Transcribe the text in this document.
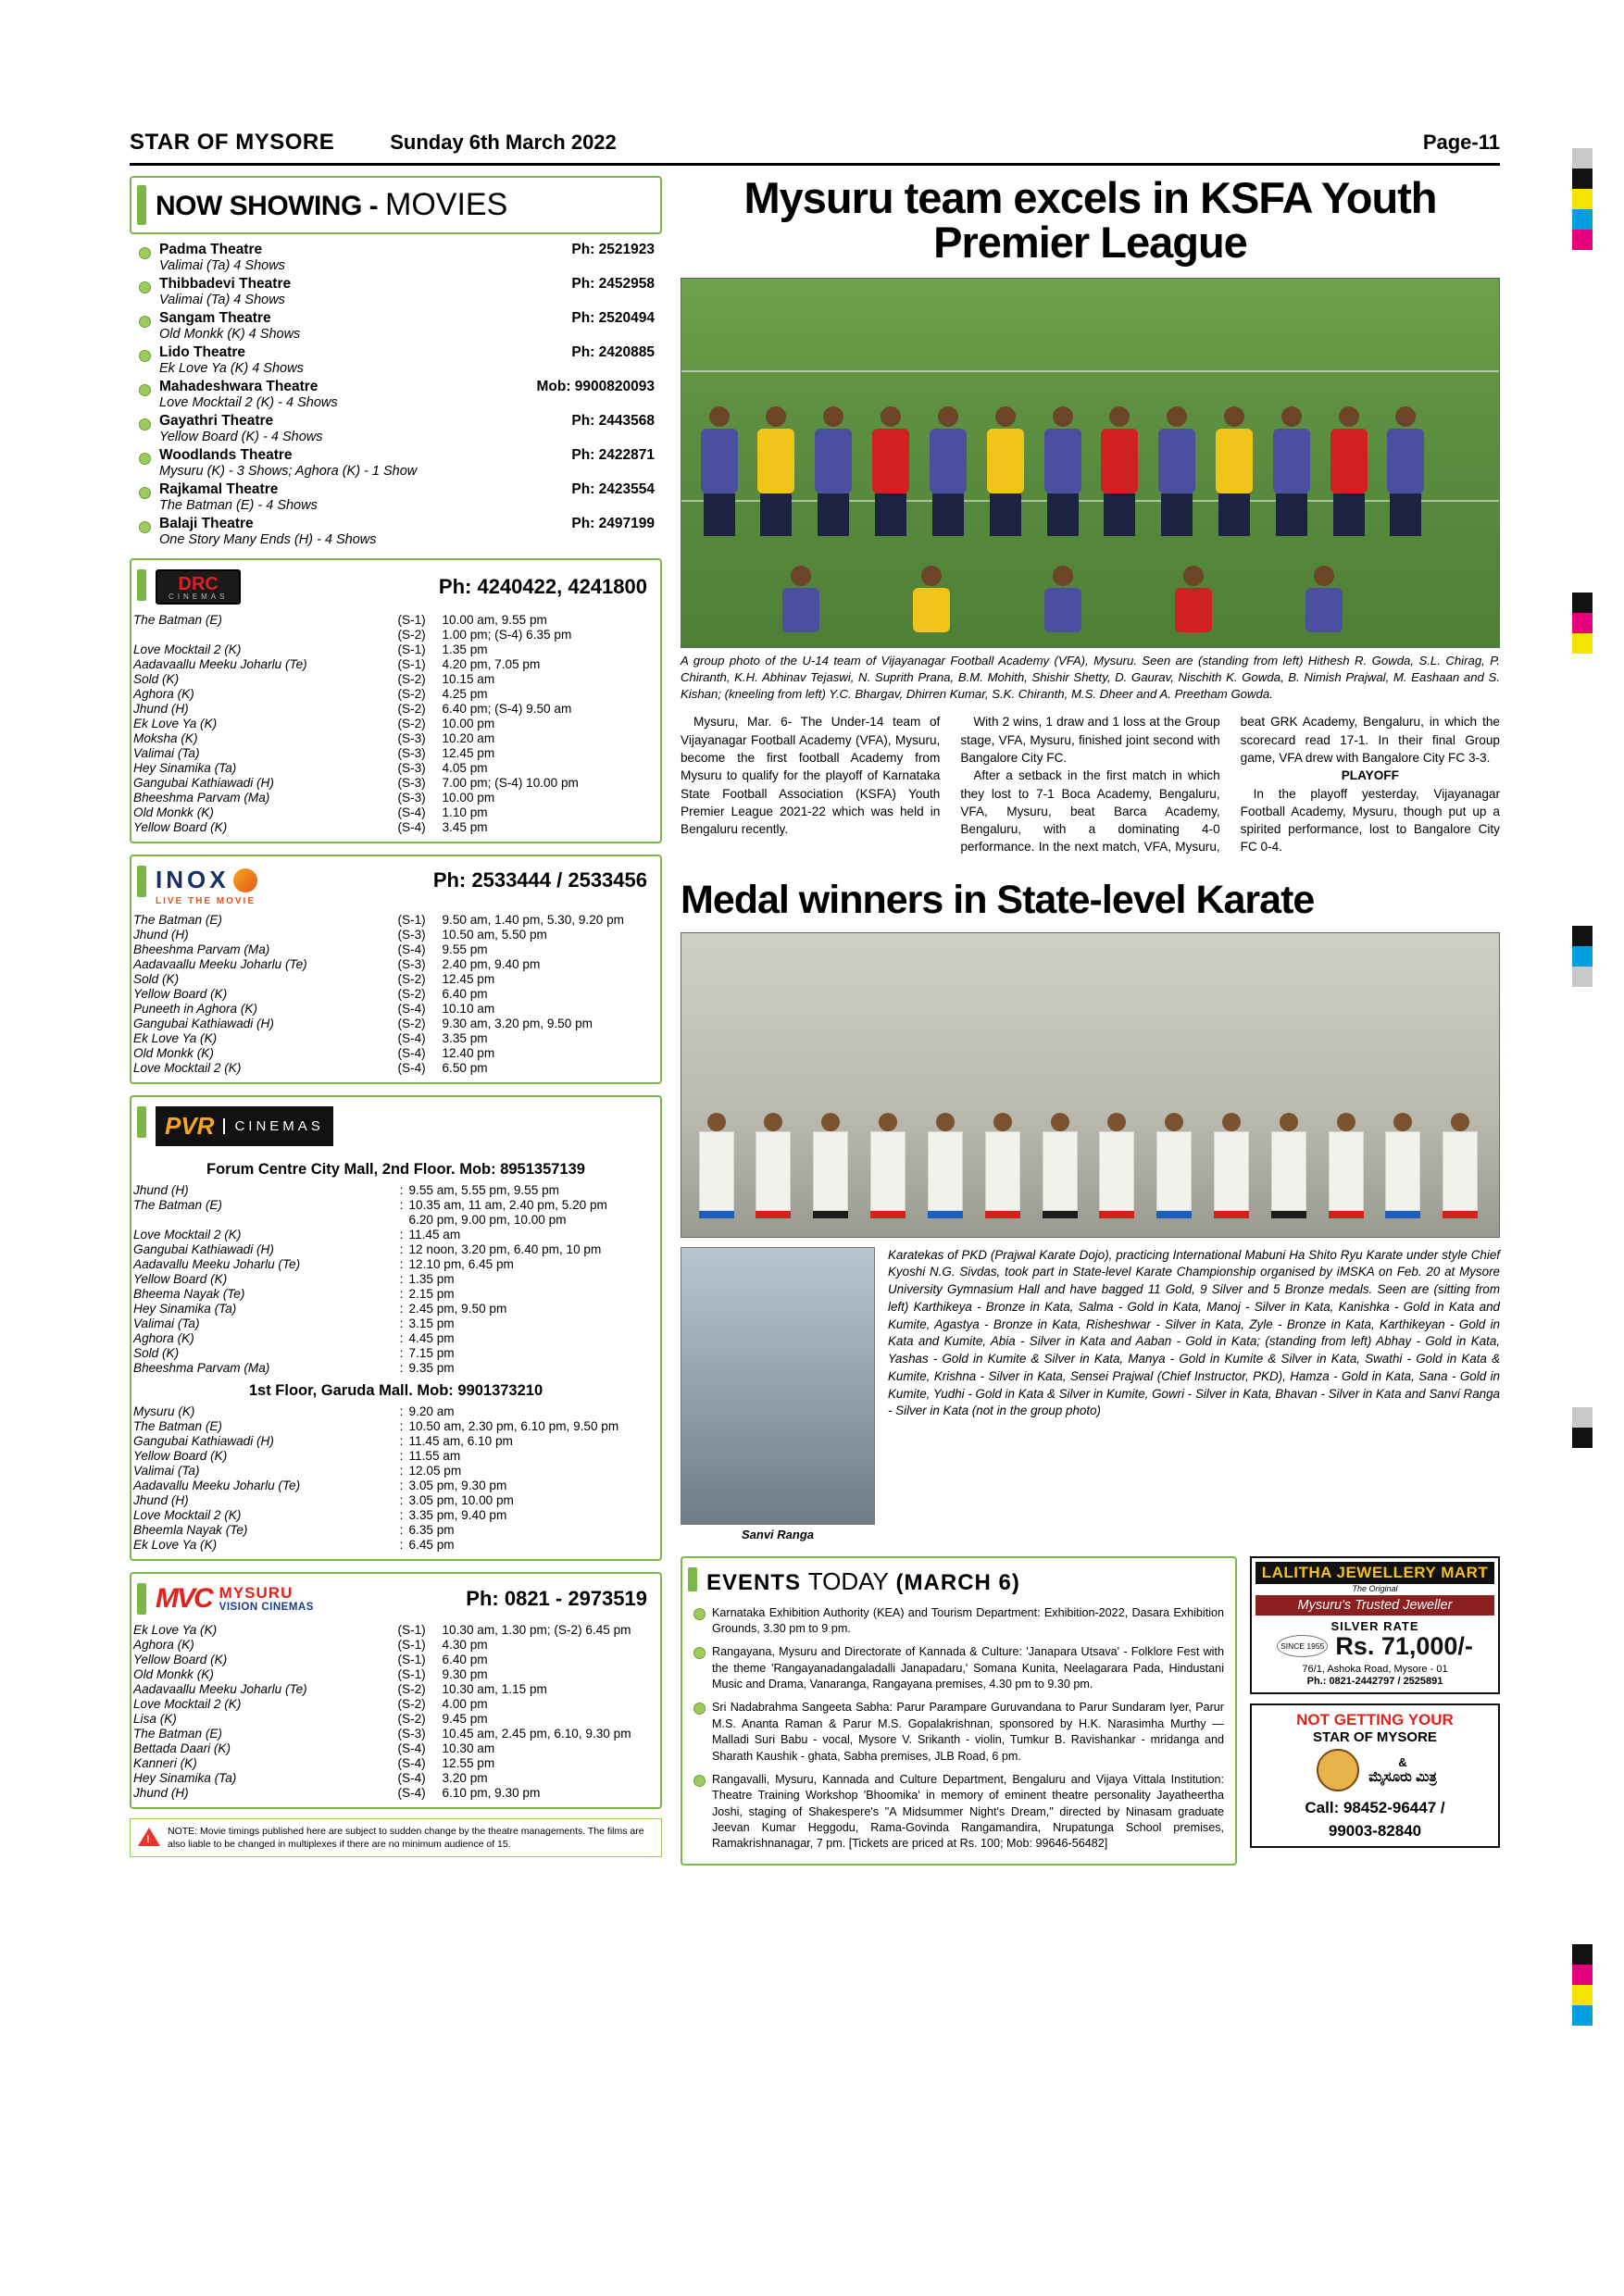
STAR OF MYSORE	Sunday 6th March 2022	Page-11
NOW SHOWING - MOVIES
Padma Theatre	Ph: 2521923
Valimai (Ta) 4 Shows
Thibbadevi Theatre	Ph: 2452958
Valimai (Ta) 4 Shows
Sangam Theatre	Ph: 2520494
Old Monkk (K) 4 Shows
Lido Theatre	Ph: 2420885
Ek Love Ya (K) 4 Shows
Mahadeshwara Theatre	Mob: 9900820093
Love Mocktail 2 (K) - 4 Shows
Gayathri Theatre	Ph: 2443568
Yellow Board (K) - 4 Shows
Woodlands Theatre	Ph: 2422871
Mysuru (K) - 3 Shows; Aghora (K) - 1 Show
Rajkamal Theatre	Ph: 2423554
The Batman (E) - 4 Shows
Balaji Theatre	Ph: 2497199
One Story Many Ends (H) - 4 Shows
DRC
CINEMAS	Ph: 4240422, 4241800
The Batman (E)	(S-1)	10.00 am, 9.55 pm
	(S-2)	1.00 pm; (S-4) 6.35 pm
Love Mocktail 2 (K)	(S-1)	1.35 pm
Aadavaallu Meeku Joharlu (Te)	(S-1)	4.20 pm, 7.05 pm
Sold (K)	(S-2)	10.15 am
Aghora (K)	(S-2)	4.25 pm
Jhund (H)	(S-2)	6.40 pm; (S-4) 9.50 am
Ek Love Ya (K)	(S-2)	10.00 pm
Moksha (K)	(S-3)	10.20 am
Valimai (Ta)	(S-3)	12.45 pm
Hey Sinamika (Ta)	(S-3)	4.05 pm
Gangubai Kathiawadi (H)	(S-3)	7.00 pm; (S-4) 10.00 pm
Bheeshma Parvam (Ma)	(S-3)	10.00 pm
Old Monkk (K)	(S-4)	1.10 pm
Yellow Board (K)	(S-4)	3.45 pm
INOX	Ph: 2533444 / 2533456
LIVE THE MOVIE
The Batman (E)	(S-1)	9.50 am, 1.40 pm, 5.30, 9.20 pm
Jhund (H)	(S-3)	10.50 am, 5.50 pm
Bheeshma Parvam (Ma)	(S-4)	9.55 pm
Aadavaallu Meeku Joharlu (Te)	(S-3)	2.40 pm, 9.40 pm
Sold (K)	(S-2)	12.45 pm
Yellow Board (K)	(S-2)	6.40 pm
Puneeth in Aghora (K)	(S-4)	10.10 am
Gangubai Kathiawadi (H)	(S-2)	9.30 am, 3.20 pm, 9.50 pm
Ek Love Ya (K)	(S-4)	3.35 pm
Old Monkk (K)	(S-4)	12.40 pm
Love Mocktail 2 (K)	(S-4)	6.50 pm
PVR	CINEMAS
Forum Centre City Mall, 2nd Floor. Mob: 8951357139
Jhund (H)	:	9.55 am, 5.55 pm, 9.55 pm
The Batman (E)	:	10.35 am, 11 am, 2.40 pm, 5.20 pm
		6.20 pm, 9.00 pm, 10.00 pm
Love Mocktail 2 (K)	:	11.45 am
Gangubai Kathiawadi (H)	:	12 noon, 3.20 pm, 6.40 pm, 10 pm
Aadavallu Meeku Joharlu (Te)	:	12.10 pm, 6.45 pm
Yellow Board (K)	:	1.35 pm
Bheema Nayak (Te)	:	2.15 pm
Hey Sinamika (Ta)	:	2.45 pm, 9.50 pm
Valimai (Ta)	:	3.15 pm
Aghora (K)	:	4.45 pm
Sold (K)	:	7.15 pm
Bheeshma Parvam (Ma)	:	9.35 pm
1st Floor, Garuda Mall. Mob: 9901373210
Mysuru (K)	:	9.20 am
The Batman (E)	:	10.50 am, 2.30 pm, 6.10 pm, 9.50 pm
Gangubai Kathiawadi (H)	:	11.45 am, 6.10 pm
Yellow Board (K)	:	11.55 am
Valimai (Ta)	:	12.05 pm
Aadavallu Meeku Joharlu (Te)	:	3.05 pm, 9.30 pm
Jhund (H)	:	3.05 pm, 10.00 pm
Love Mocktail 2 (K)	:	3.35 pm, 9.40 pm
Bheemla Nayak (Te)	:	6.35 pm
Ek Love Ya (K)	:	6.45 pm
MVC MYSURU
VISION CINEMAS	Ph: 0821 - 2973519
Ek Love Ya (K)	(S-1)	10.30 am, 1.30 pm; (S-2) 6.45 pm
Aghora (K)	(S-1)	4.30 pm
Yellow Board (K)	(S-1)	6.40 pm
Old Monkk (K)	(S-1)	9.30 pm
Aadavaallu Meeku Joharlu (Te)	(S-2)	10.30 am, 1.15 pm
Love Mocktail 2 (K)	(S-2)	4.00 pm
Lisa (K)	(S-2)	9.45 pm
The Batman (E)	(S-3)	10.45 am, 2.45 pm, 6.10, 9.30 pm
Bettada Daari (K)	(S-4)	10.30 am
Kanneri (K)	(S-4)	12.55 pm
Hey Sinamika (Ta)	(S-4)	3.20 pm
Jhund (H)	(S-4)	6.10 pm, 9.30 pm
!
NOTE: Movie timings published here are subject to sudden change by the theatre managements. The films are also liable to be changed in multiplexes if there are no minimum audience of 15.
Mysuru team excels in KSFA Youth Premier League
A group photo of the U-14 team of Vijayanagar Football Academy (VFA), Mysuru. Seen are (standing from left) Hithesh R. Gowda, S.L. Chirag, P. Chiranth, K.H. Abhinav Tejaswi, N. Suprith Prana, B.M. Mohith, Shishir Shetty, D. Gaurav, Nischith K. Gowda, B. Nimish Prajwal, M. Eashaan and S. Kishan; (kneeling from left) Y.C. Bhargav, Dhirren Kumar, S.K. Chiranth, M.S. Dheer and A. Preetham Gowda.

Mysuru, Mar. 6- The Under-14 team of Vijayanagar Football Academy (VFA), Mysuru, become the first football Academy from Mysuru to qualify for the playoff of Karnataka State Football Association (KSFA) Youth Premier League 2021-22 which was held in Bengaluru recently.

With 2 wins, 1 draw and 1 loss at the Group stage, VFA, Mysuru, finished joint second with Bangalore City FC.

After a setback in the first match in which they lost to 7-1 Boca Academy, Bengaluru, VFA, Mysuru, beat Barca Academy, Bengaluru, with a dominating 4-0 performance. In the next match, VFA, Mysuru, beat GRK Academy, Bengaluru, in which the scorecard read 17-1. In their final Group game, VFA drew with Bangalore City FC 3-3.

PLAYOFF

In the playoff yesterday, Vijayanagar Football Academy, Mysuru, though put up a spirited performance, lost to Bangalore City FC 0-4.

Medal winners in State-level Karate
Sanvi Ranga
Karatekas of PKD (Prajwal Karate Dojo), practicing International Mabuni Ha Shito Ryu Karate under style Chief Kyoshi N.G. Sivdas, took part in State-level Karate Championship organised by iMSKA on Feb. 20 at Mysore University Gymnasium Hall and have bagged 11 Gold, 9 Silver and 5 Bronze medals. Seen are (sitting from left) Karthikeya - Bronze in Kata, Salma - Gold in Kata, Manoj - Silver in Kata, Kanishka - Gold in Kata and Kumite, Agastya - Bronze in Kata, Risheshwar - Silver in Kata, Zyle - Bronze in Kata, Karthikeyan - Gold in Kata and Kumite, Abia - Silver in Kata and Aaban - Gold in Kata; (standing from left) Abhay - Gold in Kata, Yashas - Gold in Kumite & Silver in Kata, Manya - Gold in Kumite & Silver in Kata, Swathi - Gold in Kata & Kumite, Krishna - Silver in Kata, Sensei Prajwal (Chief Instructor, PKD), Hamza - Gold in Kata, Sana - Gold in Kumite, Yudhi - Gold in Kata & Silver in Kumite, Gowri - Silver in Kata, Bhavan - Silver in Kata and Sanvi Ranga - Silver in Kata (not in the group photo)
EVENTS TODAY (MARCH 6)
Karnataka Exhibition Authority (KEA) and Tourism Department: Exhibition-2022, Dasara Exhibition Grounds, 3.30 pm to 9 pm.
Rangayana, Mysuru and Directorate of Kannada & Culture: 'Janapara Utsava' - Folklore Fest with the theme 'Rangayanadangaladalli Janapadaru,' Somana Kunita, Neelagarara Pada, Hindustani Music and Drama, Vanaranga, Rangayana premises, 4.30 pm to 9.30 pm.
Sri Nadabrahma Sangeeta Sabha: Parur Parampare Guruvandana to Parur Sundaram Iyer, Parur M.S. Ananta Raman & Parur M.S. Gopalakrishnan, sponsored by H.K. Narasimha Murthy — Malladi Suri Babu - vocal, Mysore V. Srikanth - violin, Tumkur B. Ravishankar - mridanga and Sharath Kaushik - ghata, Sabha premises, JLB Road, 6 pm.
Rangavalli, Mysuru, Kannada and Culture Department, Bengaluru and Vijaya Vittala Institution: Theatre Training Workshop 'Bhoomika' in memory of eminent theatre personality Jayatheertha Joshi, staging of Shakespere's "A Midsummer Night's Dream," directed by Ninasam graduate Jeevan Kumar Heggodu, Rama-Govinda Rangamandira, Nrupatunga School premises, Ramakrishnanagar, 7 pm. [Tickets are priced at Rs. 100; Mob: 99646-56482]
LALITHA JEWELLERY MART
The Original
Mysuru's Trusted Jeweller
SILVER RATE
SINCE 1955 Rs. 71,000/-
76/1, Ashoka Road, Mysore - 01
Ph.: 0821-2442797 / 2525891
NOT GETTING YOUR
STAR OF MYSORE
&
ಮೈಸೂರು ಮಿತ್ರ
Call: 98452-96447 /
99003-82840
